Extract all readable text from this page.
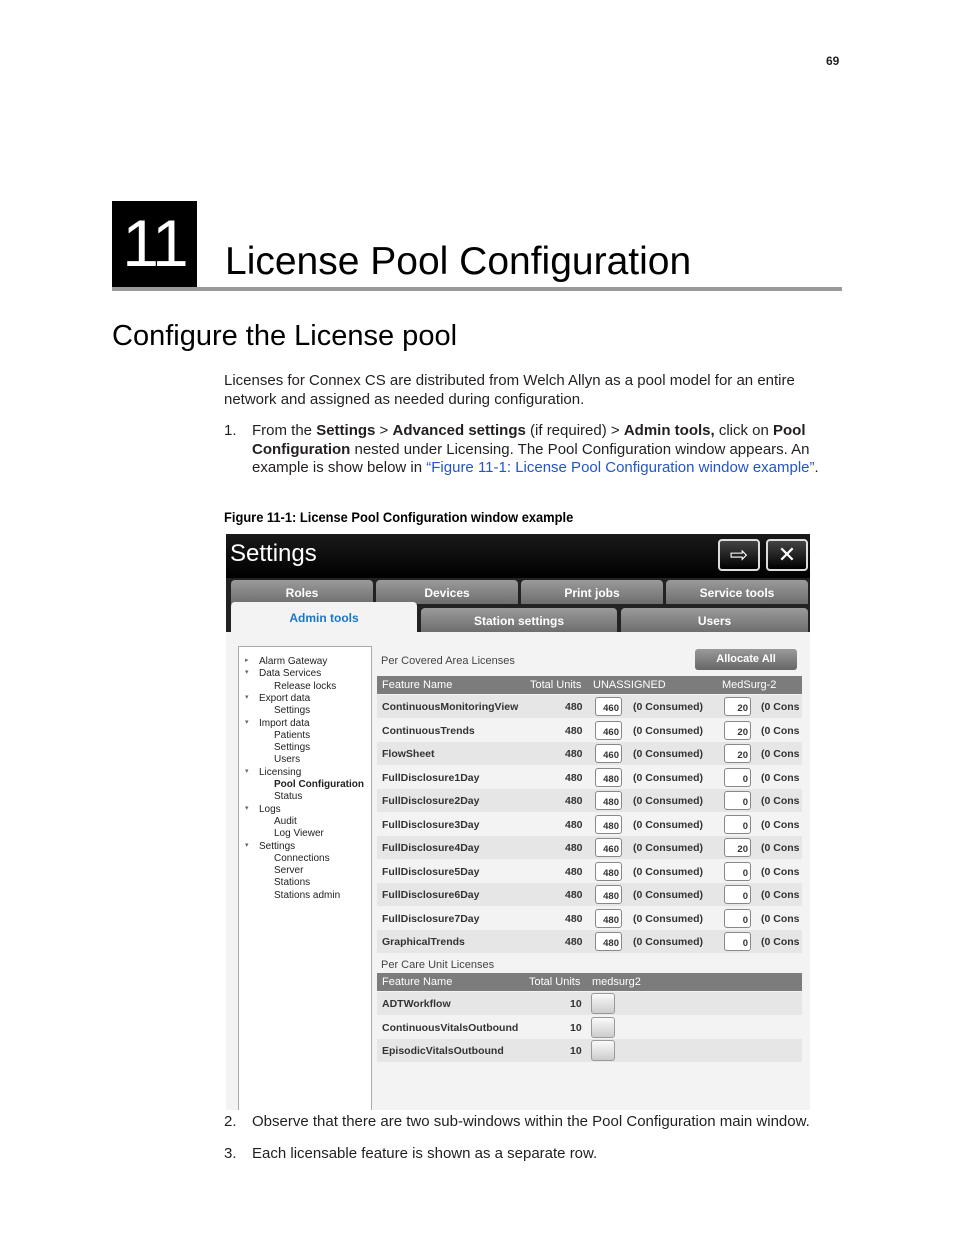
69
11 License Pool Configuration
Configure the License pool
Licenses for Connex CS are distributed from Welch Allyn as a pool model for an entire network and assigned as needed during configuration.
1. From the Settings > Advanced settings (if required) > Admin tools, click on Pool Configuration nested under Licensing. The Pool Configuration window appears. An example is show below in “Figure 11-1: License Pool Configuration window example”.
Figure 11-1: License Pool Configuration window example
Settings	⇨	✕
Roles	Devices	Print jobs	Service tools
Admin tools	Station settings	Users
▸ Alarm Gateway
▾ Data Services
Release locks
▾ Export data
Settings
▾ Import data
Patients
Settings
Users
▾ Licensing
Pool Configuration
Status
▾ Logs
Audit
Log Viewer
▾ Settings
Connections
Server
Stations
Stations admin
Per Covered Area Licenses	Allocate All
Feature Name	Total Units UNASSIGNED	MedSurg-2
ContinuousMonitoringView	480	460 (0 Consumed)	20 (0 Cons
ContinuousTrends	480	460 (0 Consumed)	20 (0 Cons
FlowSheet	480	460 (0 Consumed)	20 (0 Cons
FullDisclosure1Day	480	480 (0 Consumed)	0 (0 Cons
FullDisclosure2Day	480	480 (0 Consumed)	0 (0 Cons
FullDisclosure3Day	480	480 (0 Consumed)	0 (0 Cons
FullDisclosure4Day	480	460 (0 Consumed)	20 (0 Cons
FullDisclosure5Day	480	480 (0 Consumed)	0 (0 Cons
FullDisclosure6Day	480	480 (0 Consumed)	0 (0 Cons
FullDisclosure7Day	480	480 (0 Consumed)	0 (0 Cons
GraphicalTrends	480	480 (0 Consumed)	0 (0 Cons
Per Care Unit Licenses
Feature Name	Total Units medsurg2
ADTWorkflow	10
ContinuousVitalsOutbound	10
EpisodicVitalsOutbound	10
2. Observe that there are two sub-windows within the Pool Configuration main window.
3. Each licensable feature is shown as a separate row.
